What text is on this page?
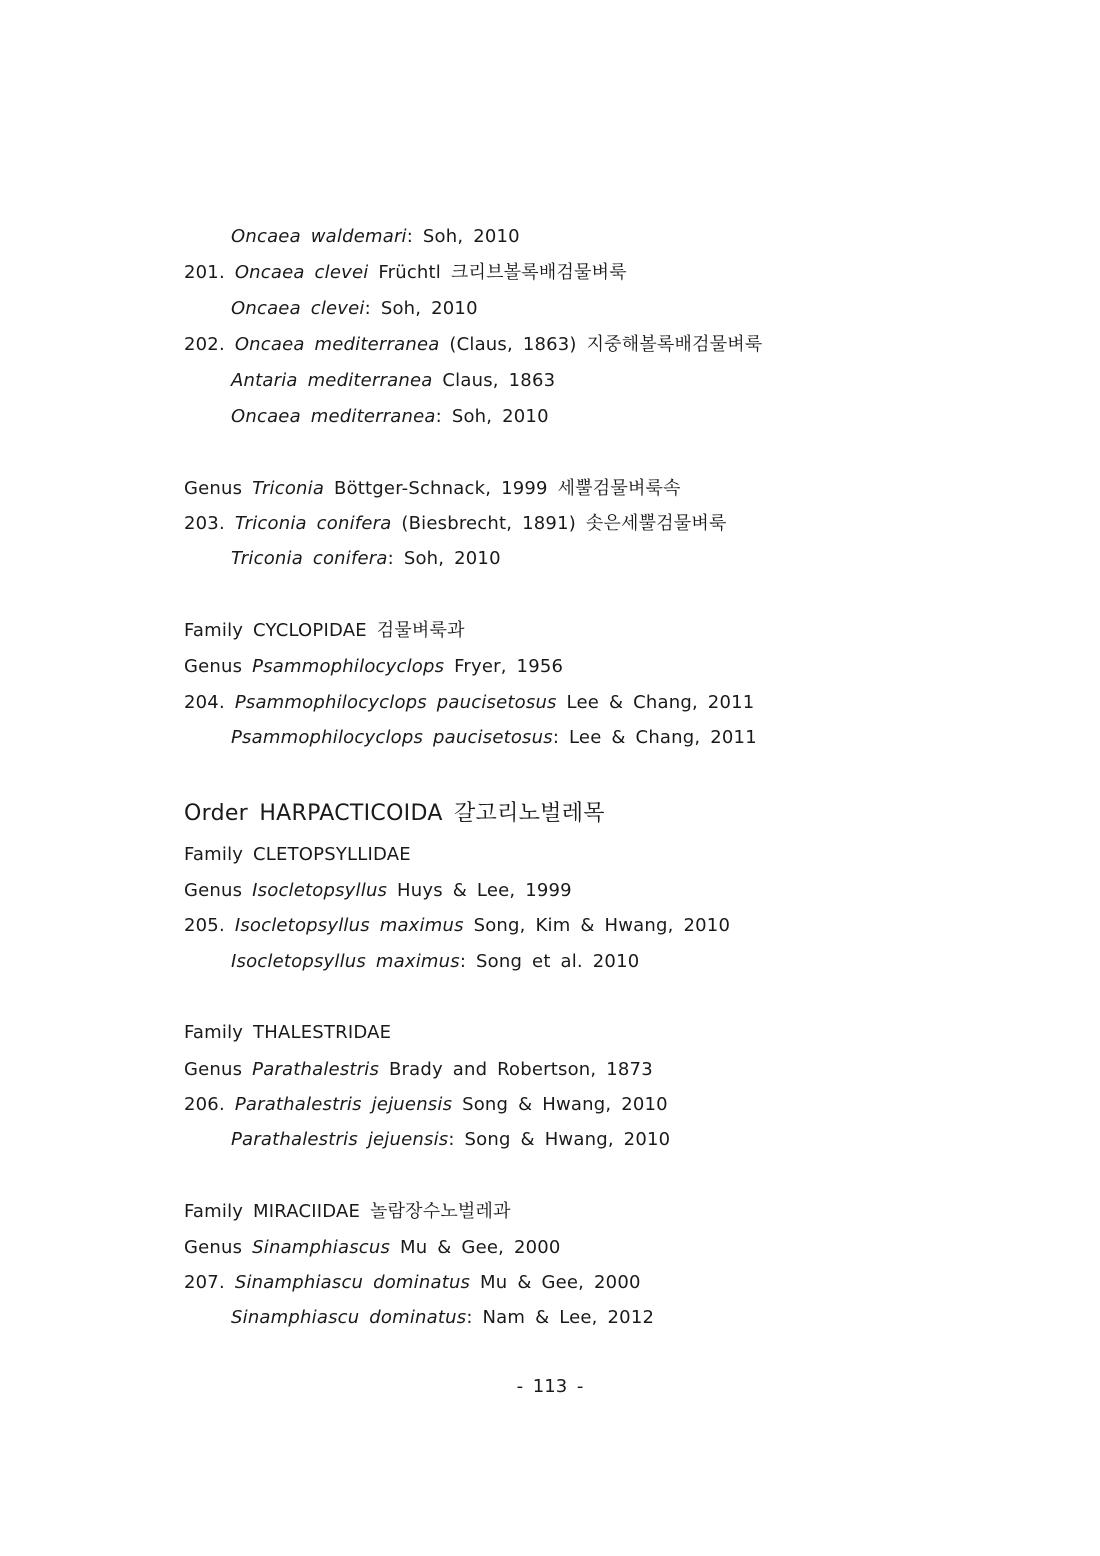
Oncaea waldemari: Soh, 2010
201. Oncaea clevei Früchtl 크리브볼록배검물벼룩
Oncaea clevei: Soh, 2010
202. Oncaea mediterranea (Claus, 1863) 지중해볼록배검물벼룩
Antaria mediterranea Claus, 1863
Oncaea mediterranea: Soh, 2010
Genus Triconia Böttger-Schnack, 1999 세뿔검물벼룩속
203. Triconia conifera (Biesbrecht, 1891) 솟은세뿔검물벼룩
Triconia conifera: Soh, 2010
Family CYCLOPIDAE 검물벼룩과
Genus Psammophilocyclops Fryer, 1956
204. Psammophilocyclops paucisetosus Lee & Chang, 2011
Psammophilocyclops paucisetosus: Lee & Chang, 2011
Order HARPACTICOIDA 갈고리노벌레목
Family CLETOPSYLLIDAE
Genus Isocletopsyllus Huys & Lee, 1999
205. Isocletopsyllus maximus Song, Kim & Hwang, 2010
Isocletopsyllus maximus: Song et al. 2010
Family THALESTRIDAE
Genus Parathalestris Brady and Robertson, 1873
206. Parathalestris jejuensis Song & Hwang, 2010
Parathalestris jejuensis: Song & Hwang, 2010
Family MIRACIIDAE 놀람장수노벌레과
Genus Sinamphiascus Mu & Gee, 2000
207. Sinamphiascu dominatus Mu & Gee, 2000
Sinamphiascu dominatus: Nam & Lee, 2012
- 113 -
